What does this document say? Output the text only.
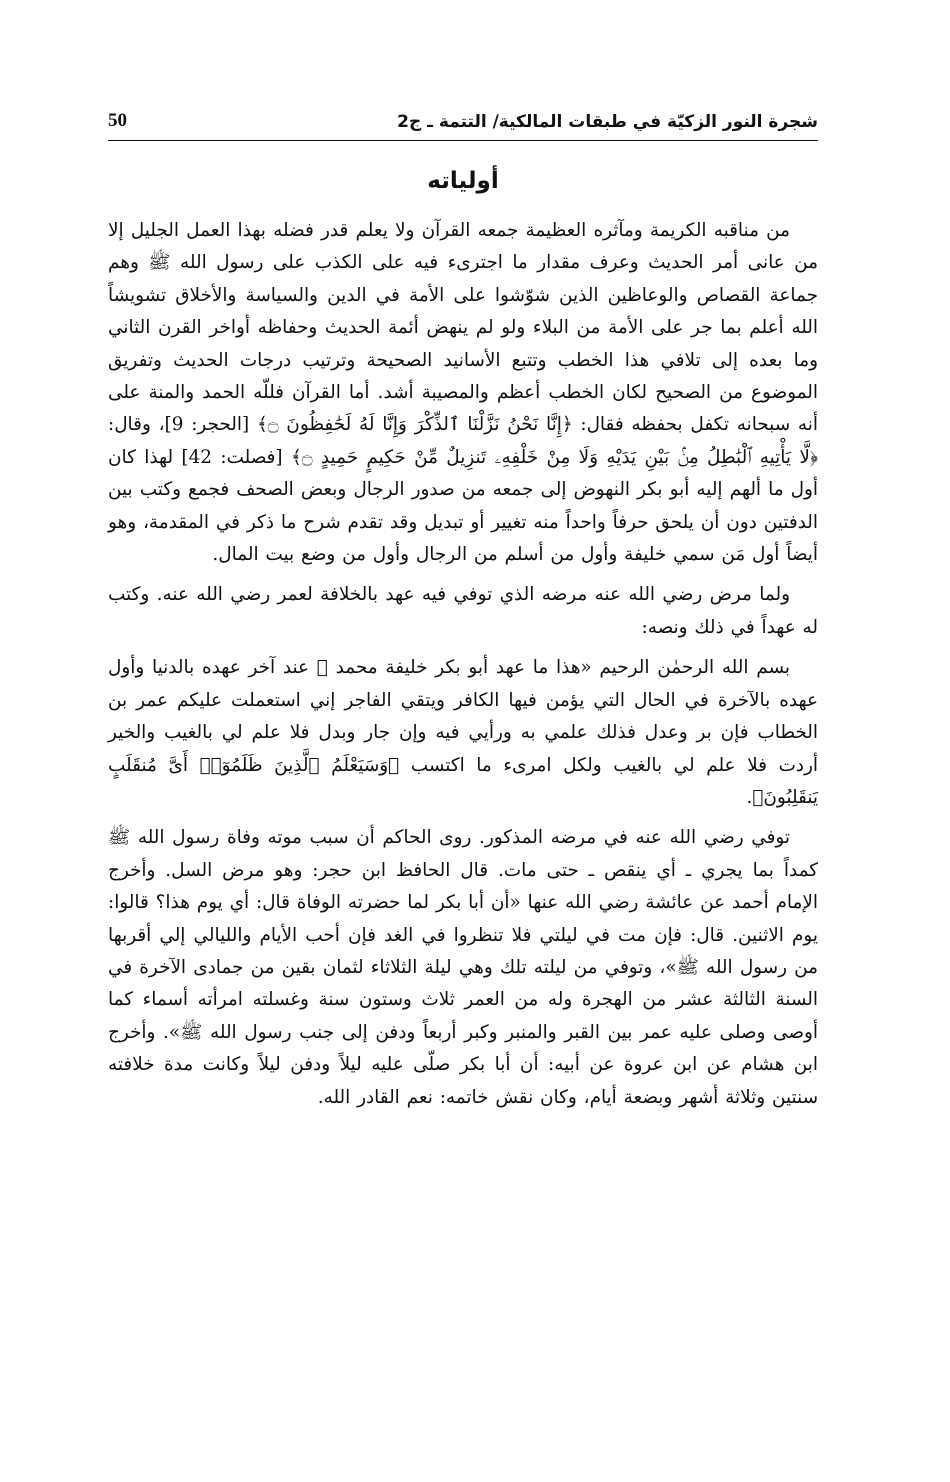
شجرة النور الزكيّة في طبقات المالكية/ التتمة ـ ج2
50
أولياته

من مناقبه الكريمة ومآثره العظيمة جمعه القرآن ولا يعلم قدر فضله بهذا العمل الجليل إلا من عانى أمر الحديث وعرف مقدار ما اجترىء فيه على الكذب على رسول الله ﷺ وهم جماعة القصاص والوعاظين الذين شوّشوا على الأمة في الدين والسياسة والأخلاق تشويشاً الله أعلم بما جر على الأمة من البلاء ولو لم ينهض أئمة الحديث وحفاظه أواخر القرن الثاني وما بعده إلى تلافي هذا الخطب وتتبع الأسانيد الصحيحة وترتيب درجات الحديث وتفريق الموضوع من الصحيح لكان الخطب أعظم والمصيبة أشد. أما القرآن فللّه الحمد والمنة على أنه سبحانه تكفل بحفظه فقال: ﴿إِنَّا نَحْنُ نَزَّلْنَا ٱلذِّكْرَ وَإِنَّا لَهُ لَحَٰفِظُونَ ۝﴾ [الحجر: 9]، وقال: ﴿لَّا يَأْتِيهِ ٱلْبَٰطِلُ مِنۢ بَيْنِ يَدَيْهِ وَلَا مِنْ خَلْفِهِۦ تَنزِيلٌ مِّنْ حَكِيمٍ حَمِيدٍ ۝﴾ [فصلت: 42] لهذا كان أول ما ألهم إليه أبو بكر النهوض إلى جمعه من صدور الرجال وبعض الصحف فجمع وكتب بين الدفتين دون أن يلحق حرفاً واحداً منه تغيير أو تبديل وقد تقدم شرح ما ذكر في المقدمة، وهو أيضاً أول مَن سمي خليفة وأول من أسلم من الرجال وأول من وضع بيت المال.

ولما مرض رضي الله عنه مرضه الذي توفي فيه عهد بالخلافة لعمر رضي الله عنه. وكتب له عهداً في ذلك ونصه:

بسم الله الرحمٰن الرحيم «هذا ما عهد أبو بكر خليفة محمد ﷺ عند آخر عهده بالدنيا وأول عهده بالآخرة في الحال التي يؤمن فيها الكافر ويتقي الفاجر إني استعملت عليكم عمر بن الخطاب فإن بر وعدل فذلك علمي به ورأيي فيه وإن جار وبدل فلا علم لي بالغيب والخير أردت فلا علم لي بالغيب ولكل امرىء ما اكتسب ﴿وَسَيَعْلَمُ ٱلَّذِينَ ظَلَمُوٓا۟ أَىَّ مُنقَلَبٍ يَنقَلِبُونَ﴾.

توفي رضي الله عنه في مرضه المذكور. روى الحاكم أن سبب موته وفاة رسول الله ﷺ كمداً بما يجري ـ أي ينقص ـ حتى مات. قال الحافظ ابن حجر: وهو مرض السل. وأخرج الإمام أحمد عن عائشة رضي الله عنها «أن أبا بكر لما حضرته الوفاة قال: أي يوم هذا؟ قالوا: يوم الاثنين. قال: فإن مت في ليلتي فلا تنظروا في الغد فإن أحب الأيام والليالي إلي أقربها من رسول الله ﷺ»، وتوفي من ليلته تلك وهي ليلة الثلاثاء لثمان بقين من جمادى الآخرة في السنة الثالثة عشر من الهجرة وله من العمر ثلاث وستون سنة وغسلته امرأته أسماء كما أوصى وصلى عليه عمر بين القبر والمنبر وكبر أربعاً ودفن إلى جنب رسول الله ﷺ». وأخرج ابن هشام عن ابن عروة عن أبيه: أن أبا بكر صلّى عليه ليلاً ودفن ليلاً وكانت مدة خلافته سنتين وثلاثة أشهر وبضعة أيام، وكان نقش خاتمه: نعم القادر الله.
